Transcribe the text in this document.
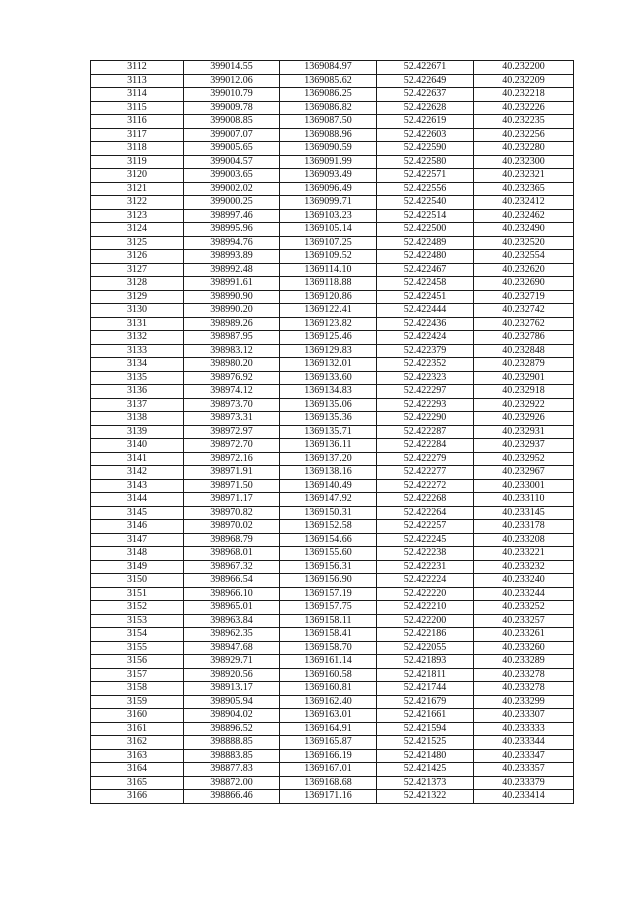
3112	399014.55	1369084.97	52.422671	40.232200
3113	399012.06	1369085.62	52.422649	40.232209
3114	399010.79	1369086.25	52.422637	40.232218
3115	399009.78	1369086.82	52.422628	40.232226
3116	399008.85	1369087.50	52.422619	40.232235
3117	399007.07	1369088.96	52.422603	40.232256
3118	399005.65	1369090.59	52.422590	40.232280
3119	399004.57	1369091.99	52.422580	40.232300
3120	399003.65	1369093.49	52.422571	40.232321
3121	399002.02	1369096.49	52.422556	40.232365
3122	399000.25	1369099.71	52.422540	40.232412
3123	398997.46	1369103.23	52.422514	40.232462
3124	398995.96	1369105.14	52.422500	40.232490
3125	398994.76	1369107.25	52.422489	40.232520
3126	398993.89	1369109.52	52.422480	40.232554
3127	398992.48	1369114.10	52.422467	40.232620
3128	398991.61	1369118.88	52.422458	40.232690
3129	398990.90	1369120.86	52.422451	40.232719
3130	398990.20	1369122.41	52.422444	40.232742
3131	398989.26	1369123.82	52.422436	40.232762
3132	398987.95	1369125.46	52.422424	40.232786
3133	398983.12	1369129.83	52.422379	40.232848
3134	398980.20	1369132.01	52.422352	40.232879
3135	398976.92	1369133.60	52.422323	40.232901
3136	398974.12	1369134.83	52.422297	40.232918
3137	398973.70	1369135.06	52.422293	40.232922
3138	398973.31	1369135.36	52.422290	40.232926
3139	398972.97	1369135.71	52.422287	40.232931
3140	398972.70	1369136.11	52.422284	40.232937
3141	398972.16	1369137.20	52.422279	40.232952
3142	398971.91	1369138.16	52.422277	40.232967
3143	398971.50	1369140.49	52.422272	40.233001
3144	398971.17	1369147.92	52.422268	40.233110
3145	398970.82	1369150.31	52.422264	40.233145
3146	398970.02	1369152.58	52.422257	40.233178
3147	398968.79	1369154.66	52.422245	40.233208
3148	398968.01	1369155.60	52.422238	40.233221
3149	398967.32	1369156.31	52.422231	40.233232
3150	398966.54	1369156.90	52.422224	40.233240
3151	398966.10	1369157.19	52.422220	40.233244
3152	398965.01	1369157.75	52.422210	40.233252
3153	398963.84	1369158.11	52.422200	40.233257
3154	398962.35	1369158.41	52.422186	40.233261
3155	398947.68	1369158.70	52.422055	40.233260
3156	398929.71	1369161.14	52.421893	40.233289
3157	398920.56	1369160.58	52.421811	40.233278
3158	398913.17	1369160.81	52.421744	40.233278
3159	398905.94	1369162.40	52.421679	40.233299
3160	398904.02	1369163.01	52.421661	40.233307
3161	398896.52	1369164.91	52.421594	40.233333
3162	398888.85	1369165.87	52.421525	40.233344
3163	398883.85	1369166.19	52.421480	40.233347
3164	398877.83	1369167.01	52.421425	40.233357
3165	398872.00	1369168.68	52.421373	40.233379
3166	398866.46	1369171.16	52.421322	40.233414
